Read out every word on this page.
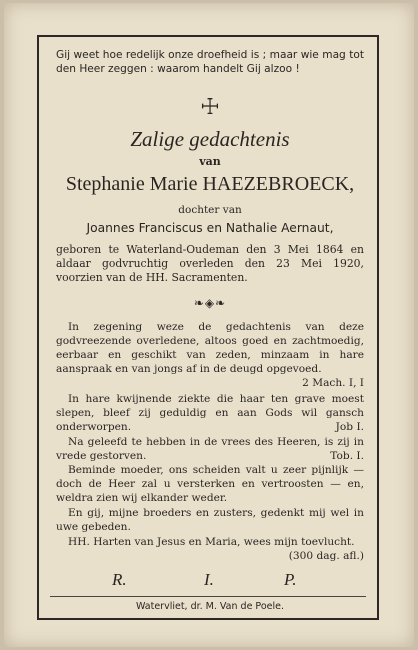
Gij weet hoe redelijk onze droefheid is ; maar wie mag tot den Heer zeggen : waarom handelt Gij alzoo !

☩
Zalige gedachtenis
van
Stephanie Marie HAEZEBROECK,
dochter van
Joannes Franciscus en Nathalie Aernaut,

geboren te Waterland-Oudeman den 3 Mei 1864 en aldaar godvruchtig overleden den 23 Mei 1920, voorzien van de HH. Sacramenten.

❧◈❧
In zegening weze de gedachtenis van deze godvreezende overledene, altoos goed en zachtmoedig, eerbaar en geschikt van zeden, minzaam in hare aanspraak en van jongs af in de deugd opgevoed.
2 Mach. I, I
In hare kwijnende ziekte die haar ten grave moest slepen, bleef zij geduldig en aan Gods wil gansch onderworpen.	Job I.
Na geleefd te hebben in de vrees des Heeren, is zij in vrede gestorven.	Tob. I.
Beminde moeder, ons scheiden valt u zeer pijnlijk — doch de Heer zal u versterken en vertroosten — en, weldra zien wij elkander weder.
En gij, mijne broeders en zusters, gedenkt mij wel in uwe gebeden.
HH. Harten van Jesus en Maria, wees mijn toevlucht.
(300 dag. afl.)
R.	I.	P.
Watervliet, dr. M. Van de Poele.
